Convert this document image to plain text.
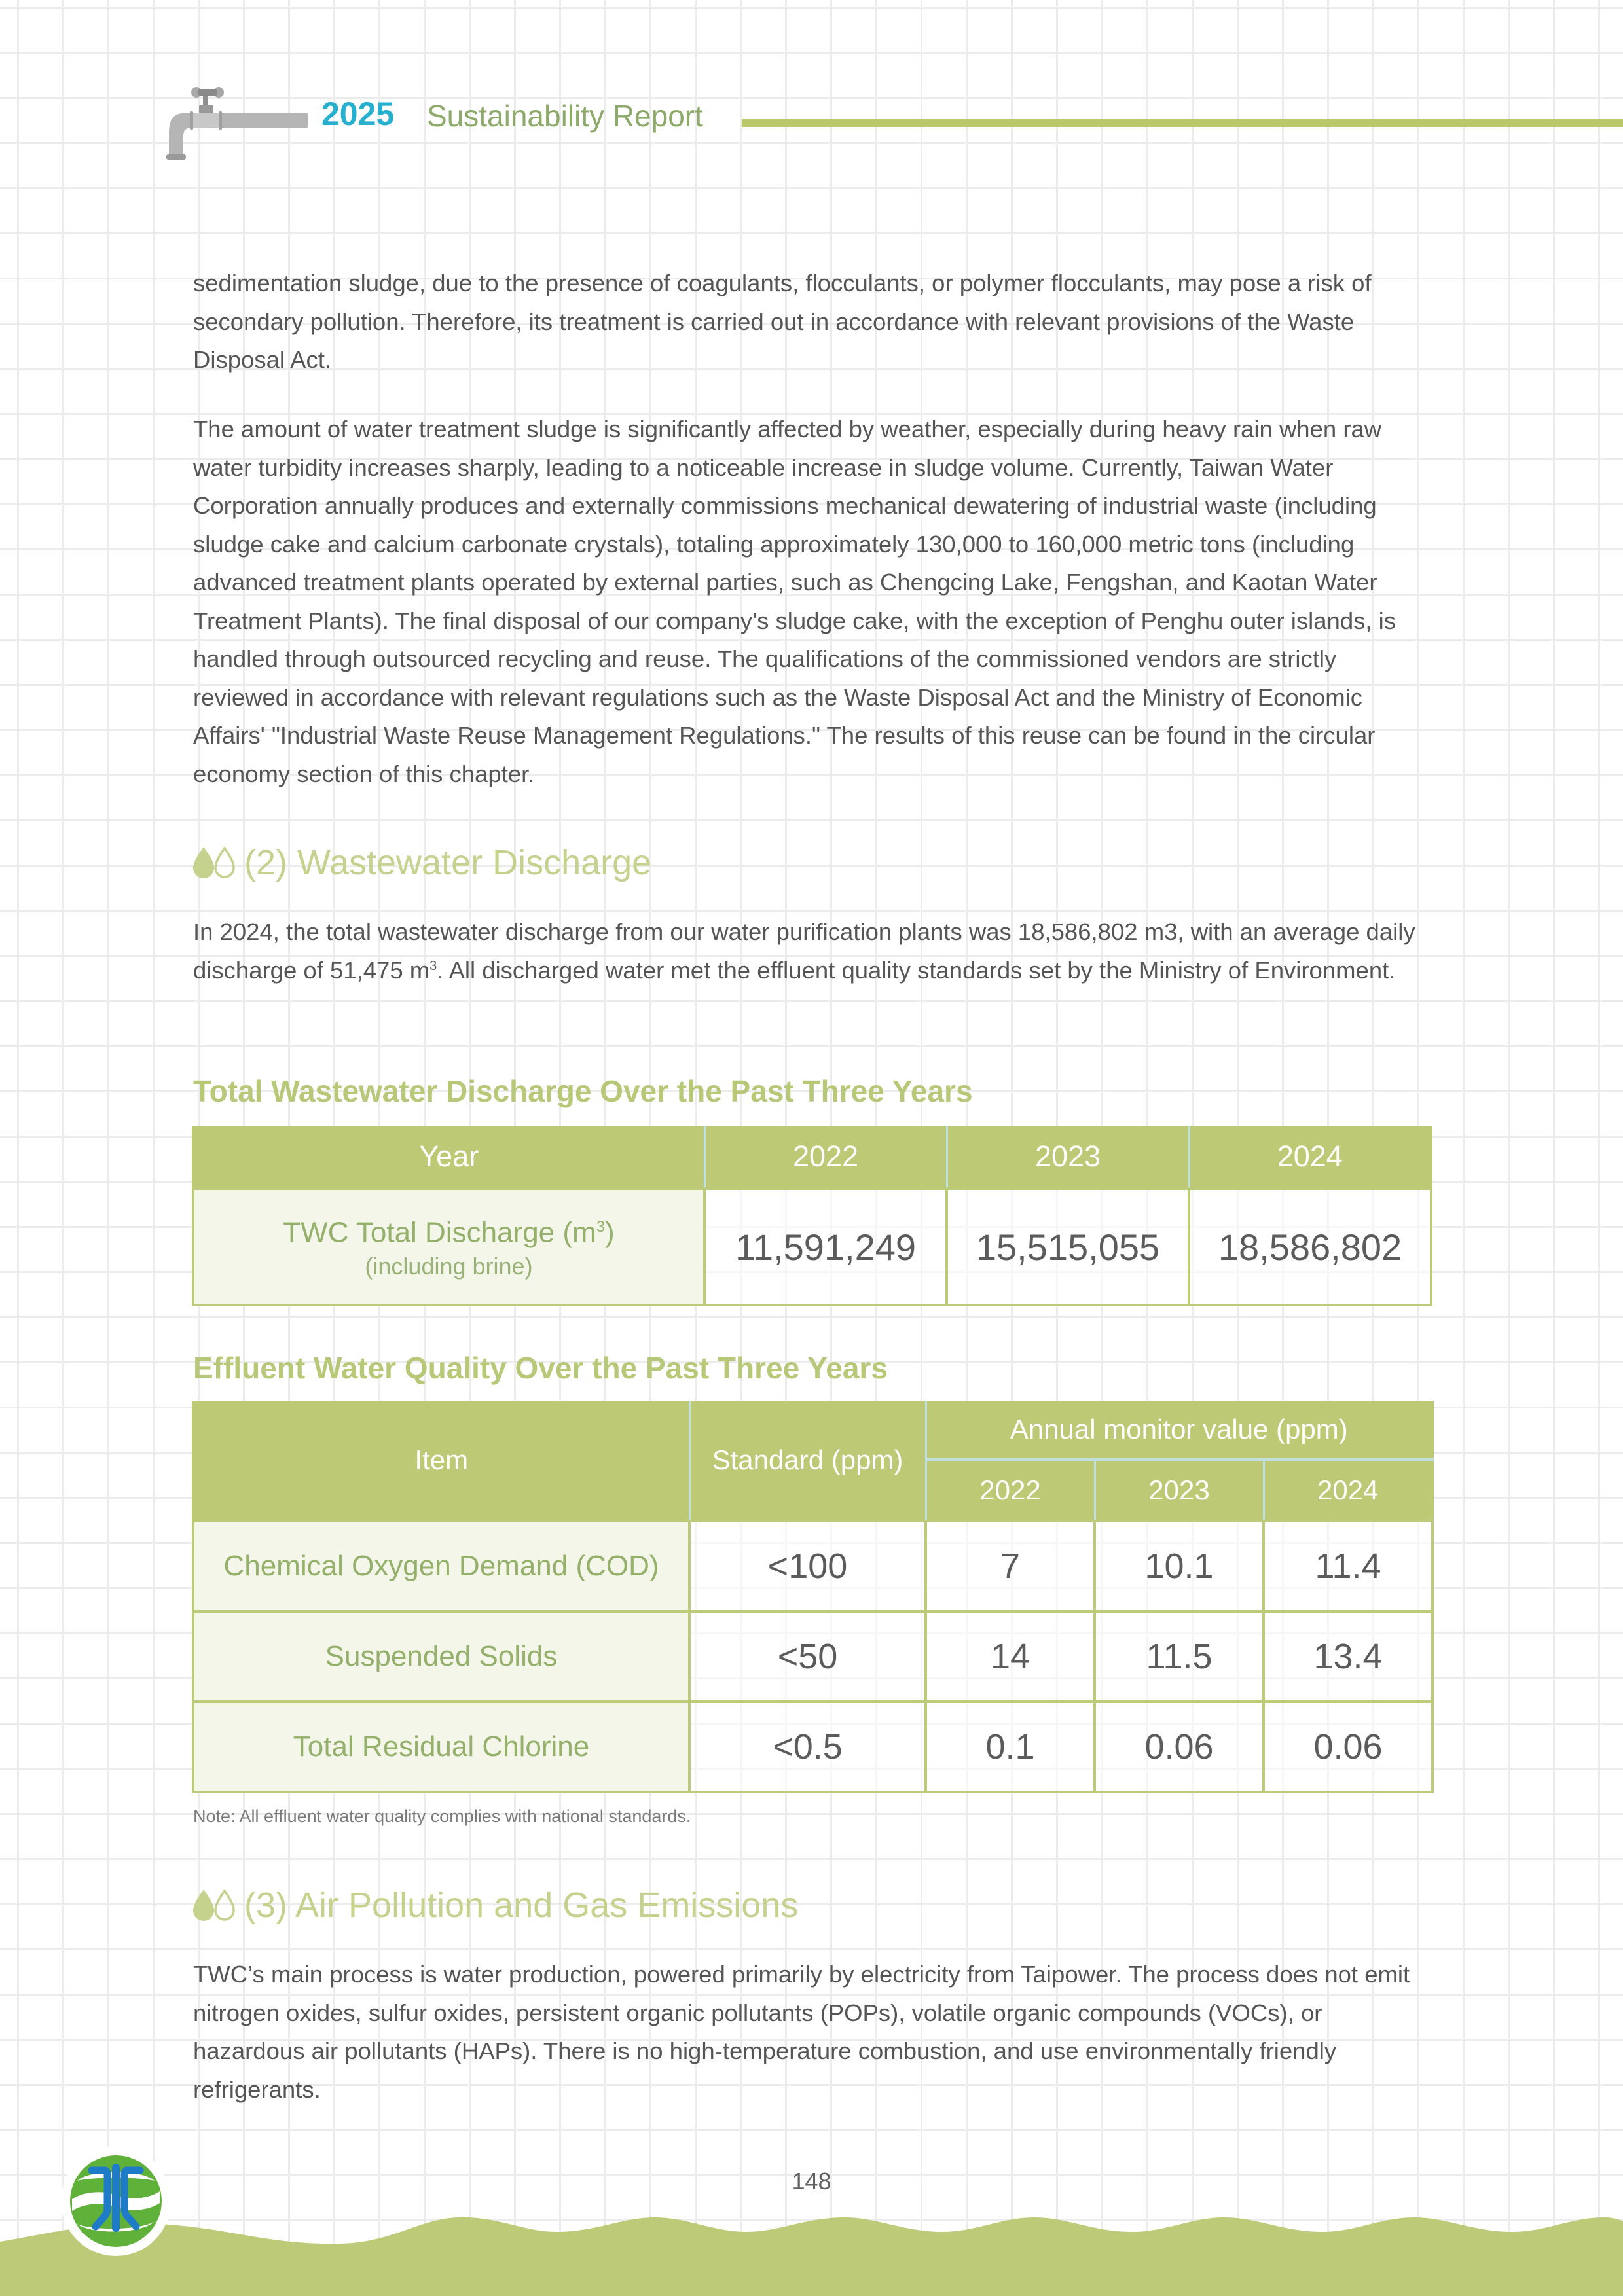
2025 Sustainability Report

sedimentation sludge, due to the presence of coagulants, flocculants, or polymer flocculants, may pose a risk of secondary pollution. Therefore, its treatment is carried out in accordance with relevant provisions of the Waste Disposal Act.

The amount of water treatment sludge is significantly affected by weather, especially during heavy rain when raw water turbidity increases sharply, leading to a noticeable increase in sludge volume. Currently, Taiwan Water Corporation annually produces and externally commissions mechanical dewatering of industrial waste (including sludge cake and calcium carbonate crystals), totaling approximately 130,000 to 160,000 metric tons (including advanced treatment plants operated by external parties, such as Chengcing Lake, Fengshan, and Kaotan Water Treatment Plants). The final disposal of our company's sludge cake, with the exception of Penghu outer islands, is handled through outsourced recycling and reuse. The qualifications of the commissioned vendors are strictly reviewed in accordance with relevant regulations such as the Waste Disposal Act and the Ministry of Economic Affairs' "Industrial Waste Reuse Management Regulations." The results of this reuse can be found in the circular economy section of this chapter.

(2) Wastewater Discharge

In 2024, the total wastewater discharge from our water purification plants was 18,586,802 m3, with an average daily discharge of 51,475 $m^3$. All discharged water met the effluent quality standards set by the Ministry of Environment.

Total Wastewater Discharge Over the Past Three Years
Year	2022	2023	2024
TWC Total Discharge $(m^3)$
(including brine)	11,591,249	15,515,055	18,586,802
Effluent Water Quality Over the Past Three Years
Item	Standard (ppm)	Annual monitor value (ppm)		
		2022	2023	2024
Chemical Oxygen Demand (COD)	<100	7	10.1	11.4
Suspended Solids	<50	14	11.5	13.4
Total Residual Chlorine	<0.5	0.1	0.06	0.06
Note: All effluent water quality complies with national standards.
(3) Air Pollution and Gas Emissions

TWC’s main process is water production, powered primarily by electricity from Taipower. The process does not emit nitrogen oxides, sulfur oxides, persistent organic pollutants (POPs), volatile organic compounds (VOCs), or hazardous air pollutants (HAPs). There is no high-temperature combustion, and use environmentally friendly refrigerants.

148
